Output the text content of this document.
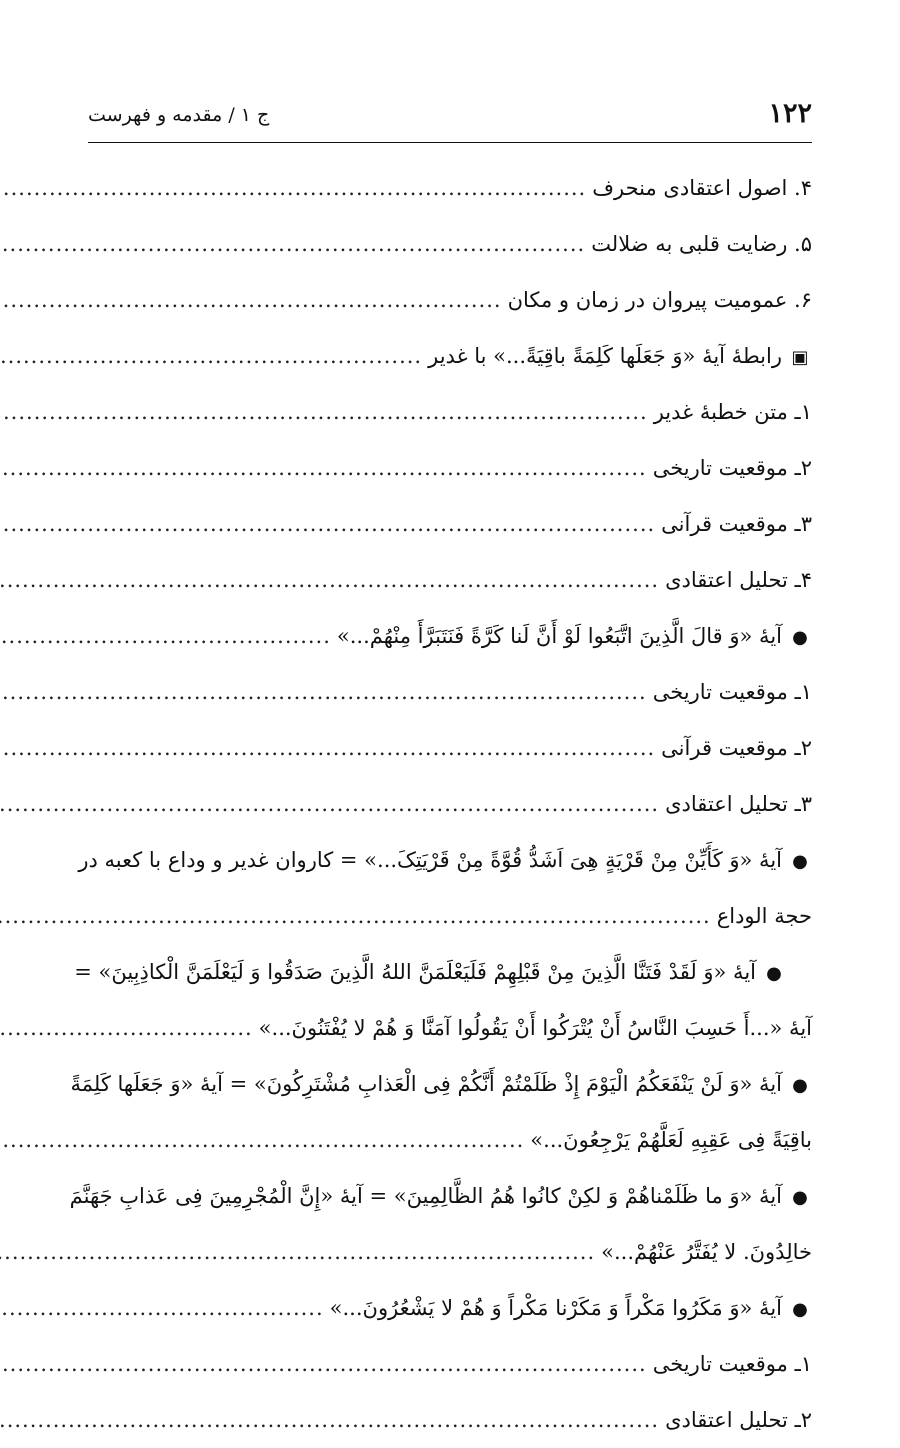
۱۲۲
ج ۱ / مقدمه و فهرست
۴. اصول اعتقادی منحرف
.....
۵. رضایت قلبی به ضلالت
.....
۶. عمومیت پیروان در زمان و مکان
.....
▣رابطهٔ آیهٔ «وَ جَعَلَها کَلِمَةً باقِیَةً...» با غدیر
.....
۱ـ متن خطبهٔ غدیر
.....
۲ـ موقعیت تاریخی
.....
۳ـ موقعیت قرآنی
.....
۴ـ تحلیل اعتقادی
.....
●آیهٔ «وَ قالَ الَّذِینَ اتَّبَعُوا لَوْ أَنَّ لَنا کَرَّةً فَنَتَبَرَّأَ مِنْهُمْ...»
.....
۱ـ موقعیت تاریخی
.....
۲ـ موقعیت قرآنی
.....
۳ـ تحلیل اعتقادی
.....
●آیهٔ «وَ کَأَیِّنْ مِنْ قَرْیَةٍ هِیَ اَشَدُّ قُوَّةً مِنْ قَرْیَتِکَ...» = کاروان غدیر و وداع با کعبه در
حجة الوداع
.....
●آیهٔ «وَ لَقَدْ فَتَنَّا الَّذِینَ مِنْ قَبْلِهِمْ فَلَیَعْلَمَنَّ اللهُ الَّذِینَ صَدَقُوا وَ لَیَعْلَمَنَّ الْکاذِبِینَ» =
آیهٔ «...أَ حَسِبَ النَّاسُ أَنْ یُتْرَکُوا أَنْ یَقُولُوا آمَنَّا وَ هُمْ لا یُفْتَنُونَ...»
.....
●آیهٔ «وَ لَنْ یَنْفَعَکُمُ الْیَوْمَ إِذْ ظَلَمْتُمْ أَنَّکُمْ فِی الْعَذابِ مُشْتَرِکُونَ» = آیهٔ «وَ جَعَلَها کَلِمَةً
باقِیَةً فِی عَقِبِهِ لَعَلَّهُمْ یَرْجِعُونَ...»
.....
●آیهٔ «وَ ما ظَلَمْناهُمْ وَ لکِنْ کانُوا هُمُ الظَّالِمِینَ» = آیهٔ «إِنَّ الْمُجْرِمِینَ فِی عَذابِ جَهَنَّمَ
خالِدُونَ. لا یُفَتَّرُ عَنْهُمْ...»
.....
●آیهٔ «وَ مَکَرُوا مَکْراً وَ مَکَرْنا مَکْراً وَ هُمْ لا یَشْعُرُونَ...»
.....
۱ـ موقعیت تاریخی
.....
۲ـ تحلیل اعتقادی
.....
